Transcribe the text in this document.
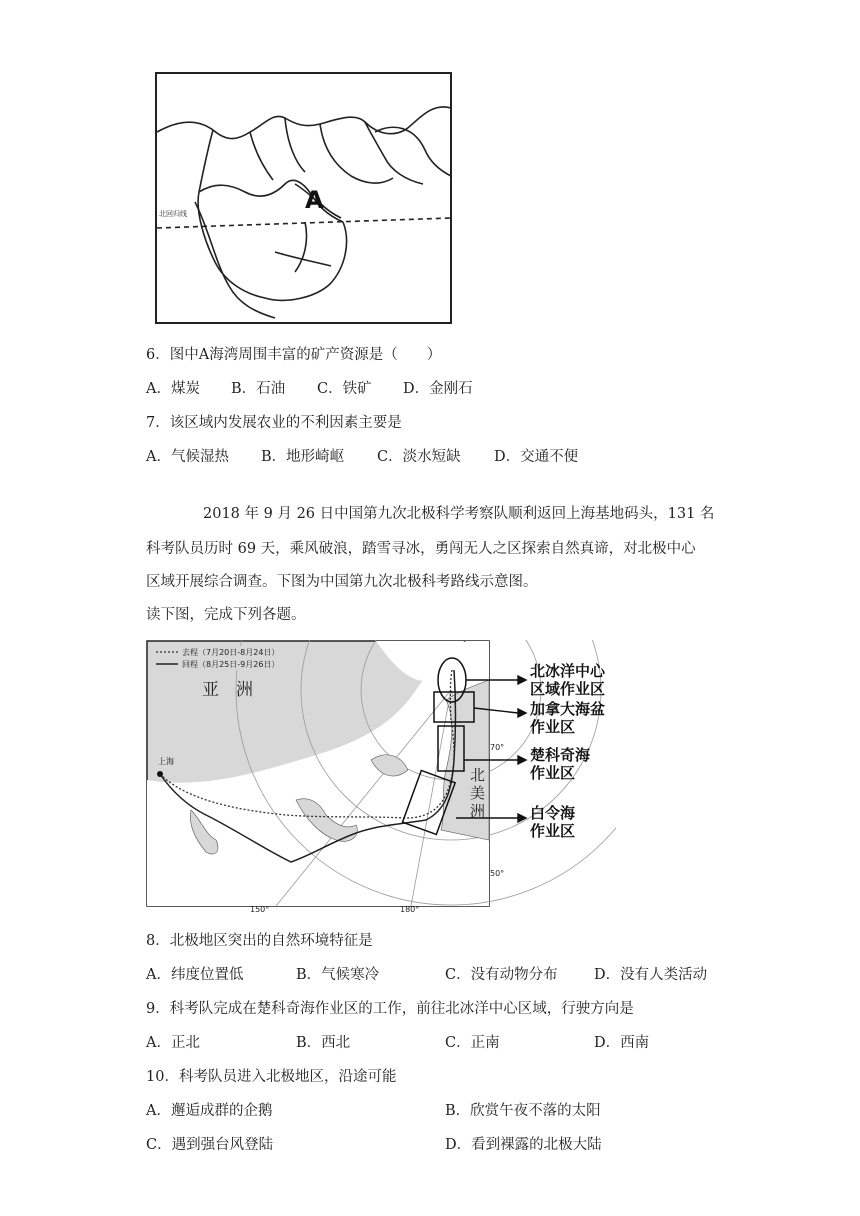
A
北回归线
6．图中A海湾周围丰富的矿产资源是（　　）
A．煤炭 B．石油 C．铁矿 D．金刚石
7．该区域内发展农业的不利因素主要是
A．气候湿热 B．地形崎岖 C．淡水短缺 D．交通不便
2018 年 9 月 26 日中国第九次北极科学考察队顺利返回上海基地码头，131 名
科考队员历时 69 天，乘风破浪，踏雪寻冰，勇闯无人之区探索自然真谛，对北极中心
区域开展综合调查。下图为中国第九次北极科考路线示意图。
读下图，完成下列各题。
去程（7月20日-8月24日）
回程（8月25日-9月26日）
亚　洲
北
美
洲
上海
70°
50°
150°	180°
北冰洋中心
区域作业区
加拿大海盆
作业区
楚科奇海
作业区
白令海
作业区
8．北极地区突出的自然环境特征是
A．纬度位置低	B．气候寒冷	C．没有动物分布	D．没有人类活动
9．科考队完成在楚科奇海作业区的工作，前往北冰洋中心区域，行驶方向是
A．正北	B．西北	C．正南	D．西南
10．科考队员进入北极地区，沿途可能
A．邂逅成群的企鹅	B．欣赏午夜不落的太阳
C．遇到强台风登陆	D．看到裸露的北极大陆
